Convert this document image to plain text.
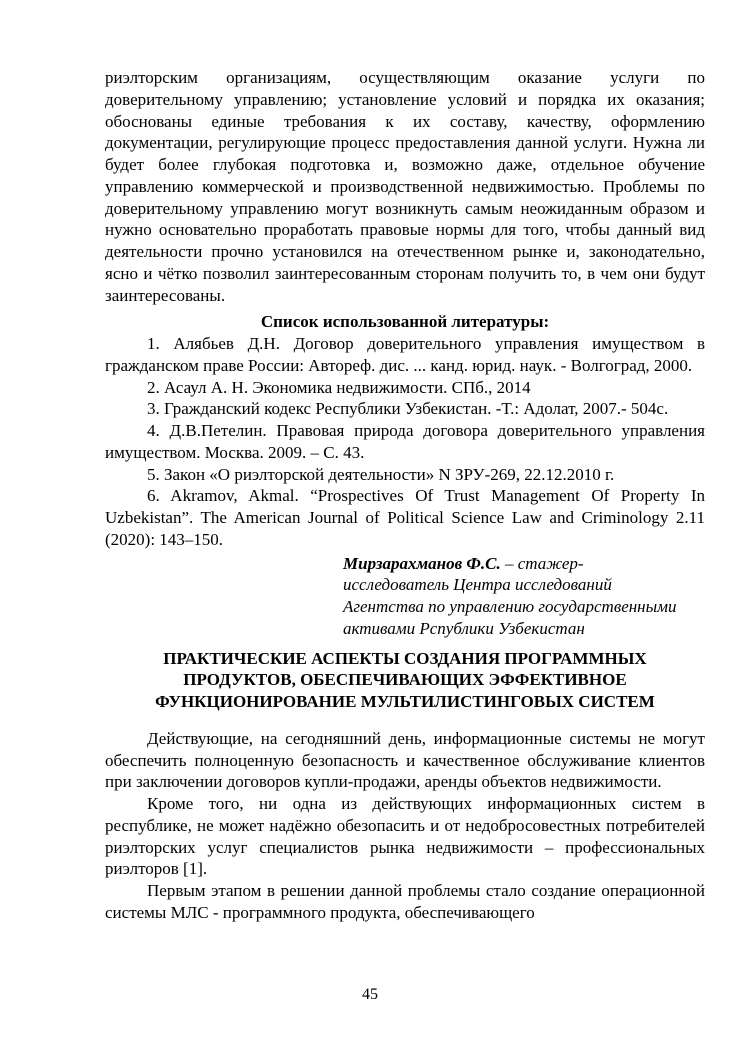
риэлторским организациям, осуществляющим оказание услуги по доверительному управлению; установление условий и порядка их оказания; обоснованы единые требования к их составу, качеству, оформлению документации, регулирующие процесс предоставления данной услуги. Нужна ли будет более глубокая подготовка и, возможно даже, отдельное обучение управлению коммерческой и производственной недвижимостью. Проблемы по доверительному управлению могут возникнуть самым неожиданным образом и нужно основательно проработать правовые нормы для того, чтобы данный вид деятельности прочно установился на отечественном рынке и, законодательно, ясно и чётко позволил заинтересованным сторонам получить то, в чем они будут заинтересованы.

Список использованной литературы:

1. Алябьев Д.Н. Договор доверительного управления имуществом в гражданском праве России: Автореф. дис. ... канд. юрид. наук. - Волгоград, 2000.

2. Асаул А. Н. Экономика недвижимости. СПб., 2014

3. Гражданский кодекс Республики Узбекистан. -Т.: Адолат, 2007.- 504с.

4. Д.В.Петелин. Правовая природа договора доверительного управления имуществом. Москва. 2009. – С. 43.

5. Закон «О риэлторской деятельности» N ЗРУ-269, 22.12.2010 г.

6. Akramov, Akmal. “Prospectives Of Trust Management Of Property In Uzbekistan”. The American Journal of Political Science Law and Criminology 2.11 (2020): 143–150.

Мирзарахманов Ф.С. – стажер-

исследователь Центра исследований

Агентства по управлению государственными

активами Рспублики Узбекистан

ПРАКТИЧЕСКИЕ АСПЕКТЫ СОЗДАНИЯ ПРОГРАММНЫХ ПРОДУКТОВ, ОБЕСПЕЧИВАЮЩИХ ЭФФЕКТИВНОЕ ФУНКЦИОНИРОВАНИЕ МУЛЬТИЛИСТИНГОВЫХ СИСТЕМ

Действующие, на сегодняшний день, информационные системы не могут обеспечить полноценную безопасность и качественное обслуживание клиентов при заключении договоров купли-продажи, аренды объектов недвижимости.

Кроме того, ни одна из действующих информационных систем в республике, не может надёжно обезопасить и от недобросовестных потребителей риэлторских услуг специалистов рынка недвижимости – профессиональных риэлторов [1].

Первым этапом в решении данной проблемы стало создание операционной системы МЛС - программного продукта, обеспечивающего

45
